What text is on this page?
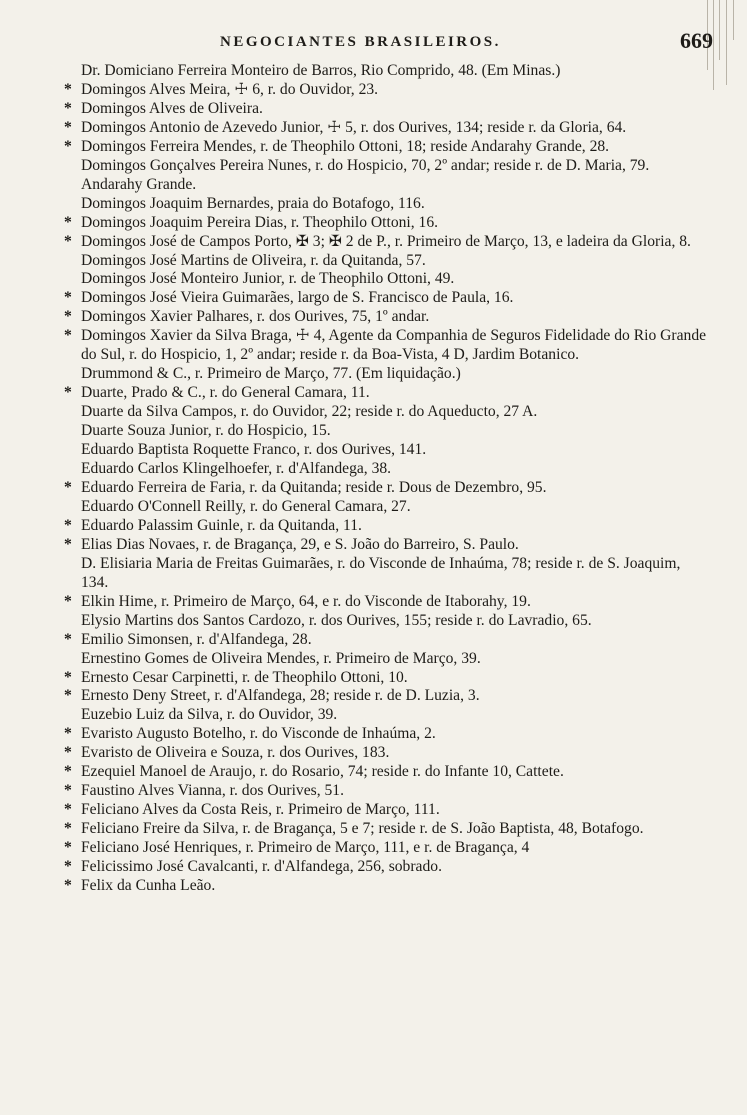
NEGOCIANTES BRASILEIROS.	669

Dr. Domiciano Ferreira Monteiro de Barros, Rio Comprido, 48. (Em Minas.)

* Domingos Alves Meira, ☩ 6, r. do Ouvidor, 23.

* Domingos Alves de Oliveira.

* Domingos Antonio de Azevedo Junior, ☩ 5, r. dos Ourives, 134; reside r. da Gloria, 64.

* Domingos Ferreira Mendes, r. de Theophilo Ottoni, 18; reside Andarahy Grande, 28.

Domingos Gonçalves Pereira Nunes, r. do Hospicio, 70, 2º andar; reside r. de D. Maria, 79. Andarahy Grande.

Domingos Joaquim Bernardes, praia do Botafogo, 116.

* Domingos Joaquim Pereira Dias, r. Theophilo Ottoni, 16.

* Domingos José de Campos Porto, ✠ 3; ✠ 2 de P., r. Primeiro de Março, 13, e ladeira da Gloria, 8.

Domingos José Martins de Oliveira, r. da Quitanda, 57.

Domingos José Monteiro Junior, r. de Theophilo Ottoni, 49.

* Domingos José Vieira Guimarães, largo de S. Francisco de Paula, 16.

* Domingos Xavier Palhares, r. dos Ourives, 75, 1º andar.

* Domingos Xavier da Silva Braga, ☩ 4, Agente da Companhia de Seguros Fidelidade do Rio Grande do Sul, r. do Hospicio, 1, 2º andar; reside r. da Boa-Vista, 4 D, Jardim Botanico.

Drummond & C., r. Primeiro de Março, 77. (Em liquidação.)

* Duarte, Prado & C., r. do General Camara, 11.

Duarte da Silva Campos, r. do Ouvidor, 22; reside r. do Aqueducto, 27 A.

Duarte Souza Junior, r. do Hospicio, 15.

Eduardo Baptista Roquette Franco, r. dos Ourives, 141.

Eduardo Carlos Klingelhoefer, r. d'Alfandega, 38.

* Eduardo Ferreira de Faria, r. da Quitanda; reside r. Dous de Dezembro, 95.

Eduardo O'Connell Reilly, r. do General Camara, 27.

* Eduardo Palassim Guinle, r. da Quitanda, 11.

* Elias Dias Novaes, r. de Bragança, 29, e S. João do Barreiro, S. Paulo.

D. Elisiaria Maria de Freitas Guimarães, r. do Visconde de Inhaúma, 78; reside r. de S. Joaquim, 134.

* Elkin Hime, r. Primeiro de Março, 64, e r. do Visconde de Itaborahy, 19.

Elysio Martins dos Santos Cardozo, r. dos Ourives, 155; reside r. do Lavradio, 65.

* Emilio Simonsen, r. d'Alfandega, 28.

Ernestino Gomes de Oliveira Mendes, r. Primeiro de Março, 39.

* Ernesto Cesar Carpinetti, r. de Theophilo Ottoni, 10.

* Ernesto Deny Street, r. d'Alfandega, 28; reside r. de D. Luzia, 3.

Euzebio Luiz da Silva, r. do Ouvidor, 39.

* Evaristo Augusto Botelho, r. do Visconde de Inhaúma, 2.

* Evaristo de Oliveira e Souza, r. dos Ourives, 183.

* Ezequiel Manoel de Araujo, r. do Rosario, 74; reside r. do Infante 10, Cattete.

* Faustino Alves Vianna, r. dos Ourives, 51.

* Feliciano Alves da Costa Reis, r. Primeiro de Março, 111.

* Feliciano Freire da Silva, r. de Bragança, 5 e 7; reside r. de S. João Baptista, 48, Botafogo.

* Feliciano José Henriques, r. Primeiro de Março, 111, e r. de Bragança, 4

* Felicissimo José Cavalcanti, r. d'Alfandega, 256, sobrado.

* Felix da Cunha Leão.
